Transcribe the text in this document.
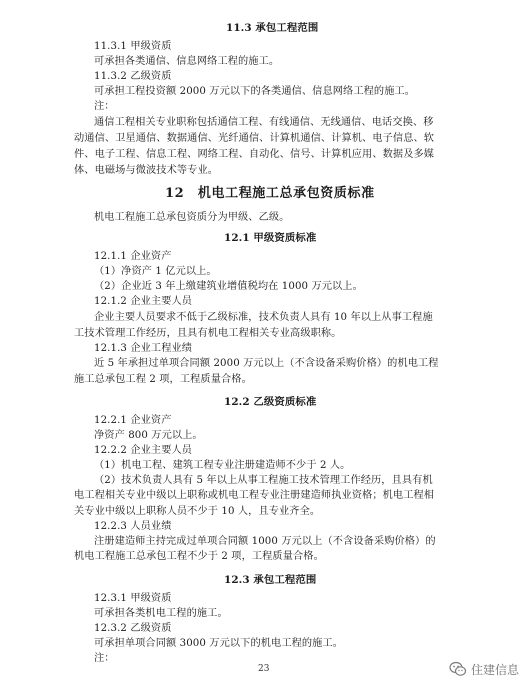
11.3 承包工程范围
11.3.1 甲级资质
可承担各类通信、信息网络工程的施工。
11.3.2 乙级资质
可承担工程投资额 2000 万元以下的各类通信、信息网络工程的施工。
注：
通信工程相关专业职称包括通信工程、有线通信、无线通信、电话交换、移
动通信、卫星通信、数据通信、光纤通信、计算机通信、计算机、电子信息、软
件、电子工程、信息工程、网络工程、自动化、信号、计算机应用、数据及多媒
体、电磁场与微波技术等专业。
12　机电工程施工总承包资质标准
机电工程施工总承包资质分为甲级、乙级。
12.1 甲级资质标准
12.1.1 企业资产
（1）净资产 1 亿元以上。
（2）企业近 3 年上缴建筑业增值税均在 1000 万元以上。
12.1.2 企业主要人员
企业主要人员要求不低于乙级标准，技术负责人具有 10 年以上从事工程施
工技术管理工作经历，且具有机电工程相关专业高级职称。
12.1.3 企业工程业绩
近 5 年承担过单项合同额 2000 万元以上（不含设备采购价格）的机电工程
施工总承包工程 2 项，工程质量合格。
12.2 乙级资质标准
12.2.1 企业资产
净资产 800 万元以上。
12.2.2 企业主要人员
（1）机电工程、建筑工程专业注册建造师不少于 2 人。
（2）技术负责人具有 5 年以上从事工程施工技术管理工作经历，且具有机
电工程相关专业中级以上职称或机电工程专业注册建造师执业资格；机电工程相
关专业中级以上职称人员不少于 10 人，且专业齐全。
12.2.3 人员业绩
注册建造师主持完成过单项合同额 1000 万元以上（不含设备采购价格）的
机电工程施工总承包工程不少于 2 项，工程质量合格。
12.3 承包工程范围
12.3.1 甲级资质
可承担各类机电工程的施工。
12.3.2 乙级资质
可承担单项合同额 3000 万元以下的机电工程的施工。
注：
23	住建信息
